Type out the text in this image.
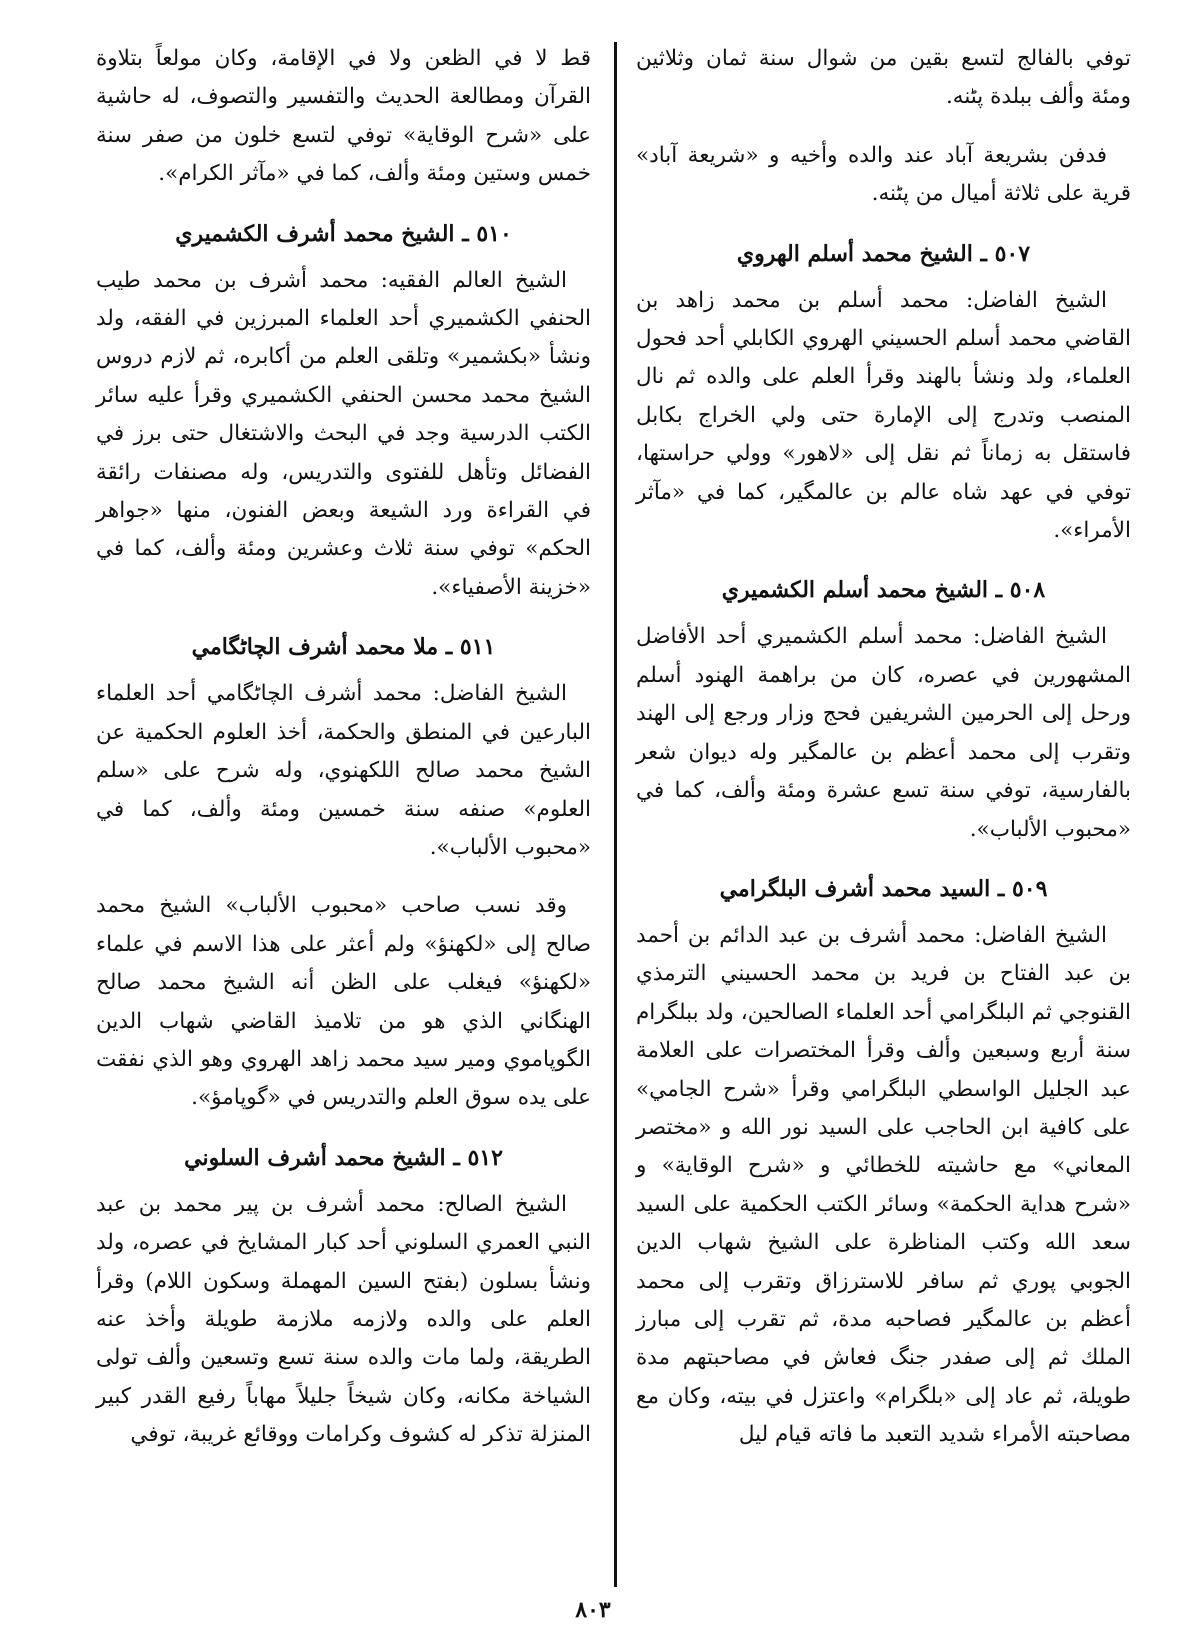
توفي بالفالج لتسع بقين من شوال سنة ثمان وثلاثين ومئة وألف ببلدة پٹنه.

فدفن بشريعة آباد عند والده وأخيه و «شريعة آباد» قرية على ثلاثة أميال من پٹنه.

٥٠٧ ـ الشيخ محمد أسلم الهروي

الشيخ الفاضل: محمد أسلم بن محمد زاهد بن القاضي محمد أسلم الحسيني الهروي الكابلي أحد فحول العلماء، ولد ونشأ بالهند وقرأ العلم على والده ثم نال المنصب وتدرج إلى الإمارة حتى ولي الخراج بكابل فاستقل به زماناً ثم نقل إلى «لاهور» وولي حراستها، توفي في عهد شاه عالم بن عالمگير، كما في «مآثر الأمراء».

٥٠٨ ـ الشيخ محمد أسلم الكشميري

الشيخ الفاضل: محمد أسلم الكشميري أحد الأفاضل المشهورين في عصره، كان من براهمة الهنود أسلم ورحل إلى الحرمين الشريفين فحج وزار ورجع إلى الهند وتقرب إلى محمد أعظم بن عالمگير وله ديوان شعر بالفارسية، توفي سنة تسع عشرة ومئة وألف، كما في «محبوب الألباب».

٥٠٩ ـ السيد محمد أشرف البلگرامي

الشيخ الفاضل: محمد أشرف بن عبد الدائم بن أحمد بن عبد الفتاح بن فريد بن محمد الحسيني الترمذي القنوجي ثم البلگرامي أحد العلماء الصالحين، ولد ببلگرام سنة أربع وسبعين وألف وقرأ المختصرات على العلامة عبد الجليل الواسطي البلگرامي وقرأ «شرح الجامي» على كافية ابن الحاجب على السيد نور الله و «مختصر المعاني» مع حاشيته للخطائي و «شرح الوقاية» و «شرح هداية الحكمة» وسائر الكتب الحكمية على السيد سعد الله وكتب المناظرة على الشيخ شهاب الدين الجوبي پوري ثم سافر للاسترزاق وتقرب إلى محمد أعظم بن عالمگير فصاحبه مدة، ثم تقرب إلى مبارز الملك ثم إلى صفدر جنگ فعاش في مصاحبتهم مدة طويلة، ثم عاد إلى «بلگرام» واعتزل في بيته، وكان مع مصاحبته الأمراء شديد التعبد ما فاته قيام ليل

قط لا في الظعن ولا في الإقامة، وكان مولعاً بتلاوة القرآن ومطالعة الحديث والتفسير والتصوف، له حاشية على «شرح الوقاية» توفي لتسع خلون من صفر سنة خمس وستين ومئة وألف، كما في «مآثر الكرام».

٥١٠ ـ الشيخ محمد أشرف الكشميري

الشيخ العالم الفقيه: محمد أشرف بن محمد طيب الحنفي الكشميري أحد العلماء المبرزين في الفقه، ولد ونشأ «بكشمير» وتلقى العلم من أكابره، ثم لازم دروس الشيخ محمد محسن الحنفي الكشميري وقرأ عليه سائر الكتب الدرسية وجد في البحث والاشتغال حتى برز في الفضائل وتأهل للفتوى والتدريس، وله مصنفات رائقة في القراءة ورد الشيعة وبعض الفنون، منها «جواهر الحكم» توفي سنة ثلاث وعشرين ومئة وألف، كما في «خزينة الأصفياء».

٥١١ ـ ملا محمد أشرف الچاٹگامي

الشيخ الفاضل: محمد أشرف الچاٹگامي أحد العلماء البارعين في المنطق والحكمة، أخذ العلوم الحكمية عن الشيخ محمد صالح اللكهنوي، وله شرح على «سلم العلوم» صنفه سنة خمسين ومئة وألف، كما في «محبوب الألباب».

وقد نسب صاحب «محبوب الألباب» الشيخ محمد صالح إلى «لكهنؤ» ولم أعثر على هذا الاسم في علماء «لكهنؤ» فيغلب على الظن أنه الشيخ محمد صالح الهنگاني الذي هو من تلاميذ القاضي شهاب الدين الگوپاموي ومير سيد محمد زاهد الهروي وهو الذي نفقت على يده سوق العلم والتدريس في «گوپامؤ».

٥١٢ ـ الشيخ محمد أشرف السلوني

الشيخ الصالح: محمد أشرف بن پير محمد بن عبد النبي العمري السلوني أحد كبار المشايخ في عصره، ولد ونشأ بسلون (بفتح السين المهملة وسكون اللام) وقرأ العلم على والده ولازمه ملازمة طويلة وأخذ عنه الطريقة، ولما مات والده سنة تسع وتسعين وألف تولى الشياخة مكانه، وكان شيخاً جليلاً مهاباً رفيع القدر كبير المنزلة تذكر له كشوف وكرامات ووقائع غريبة، توفي

٨٠٣
